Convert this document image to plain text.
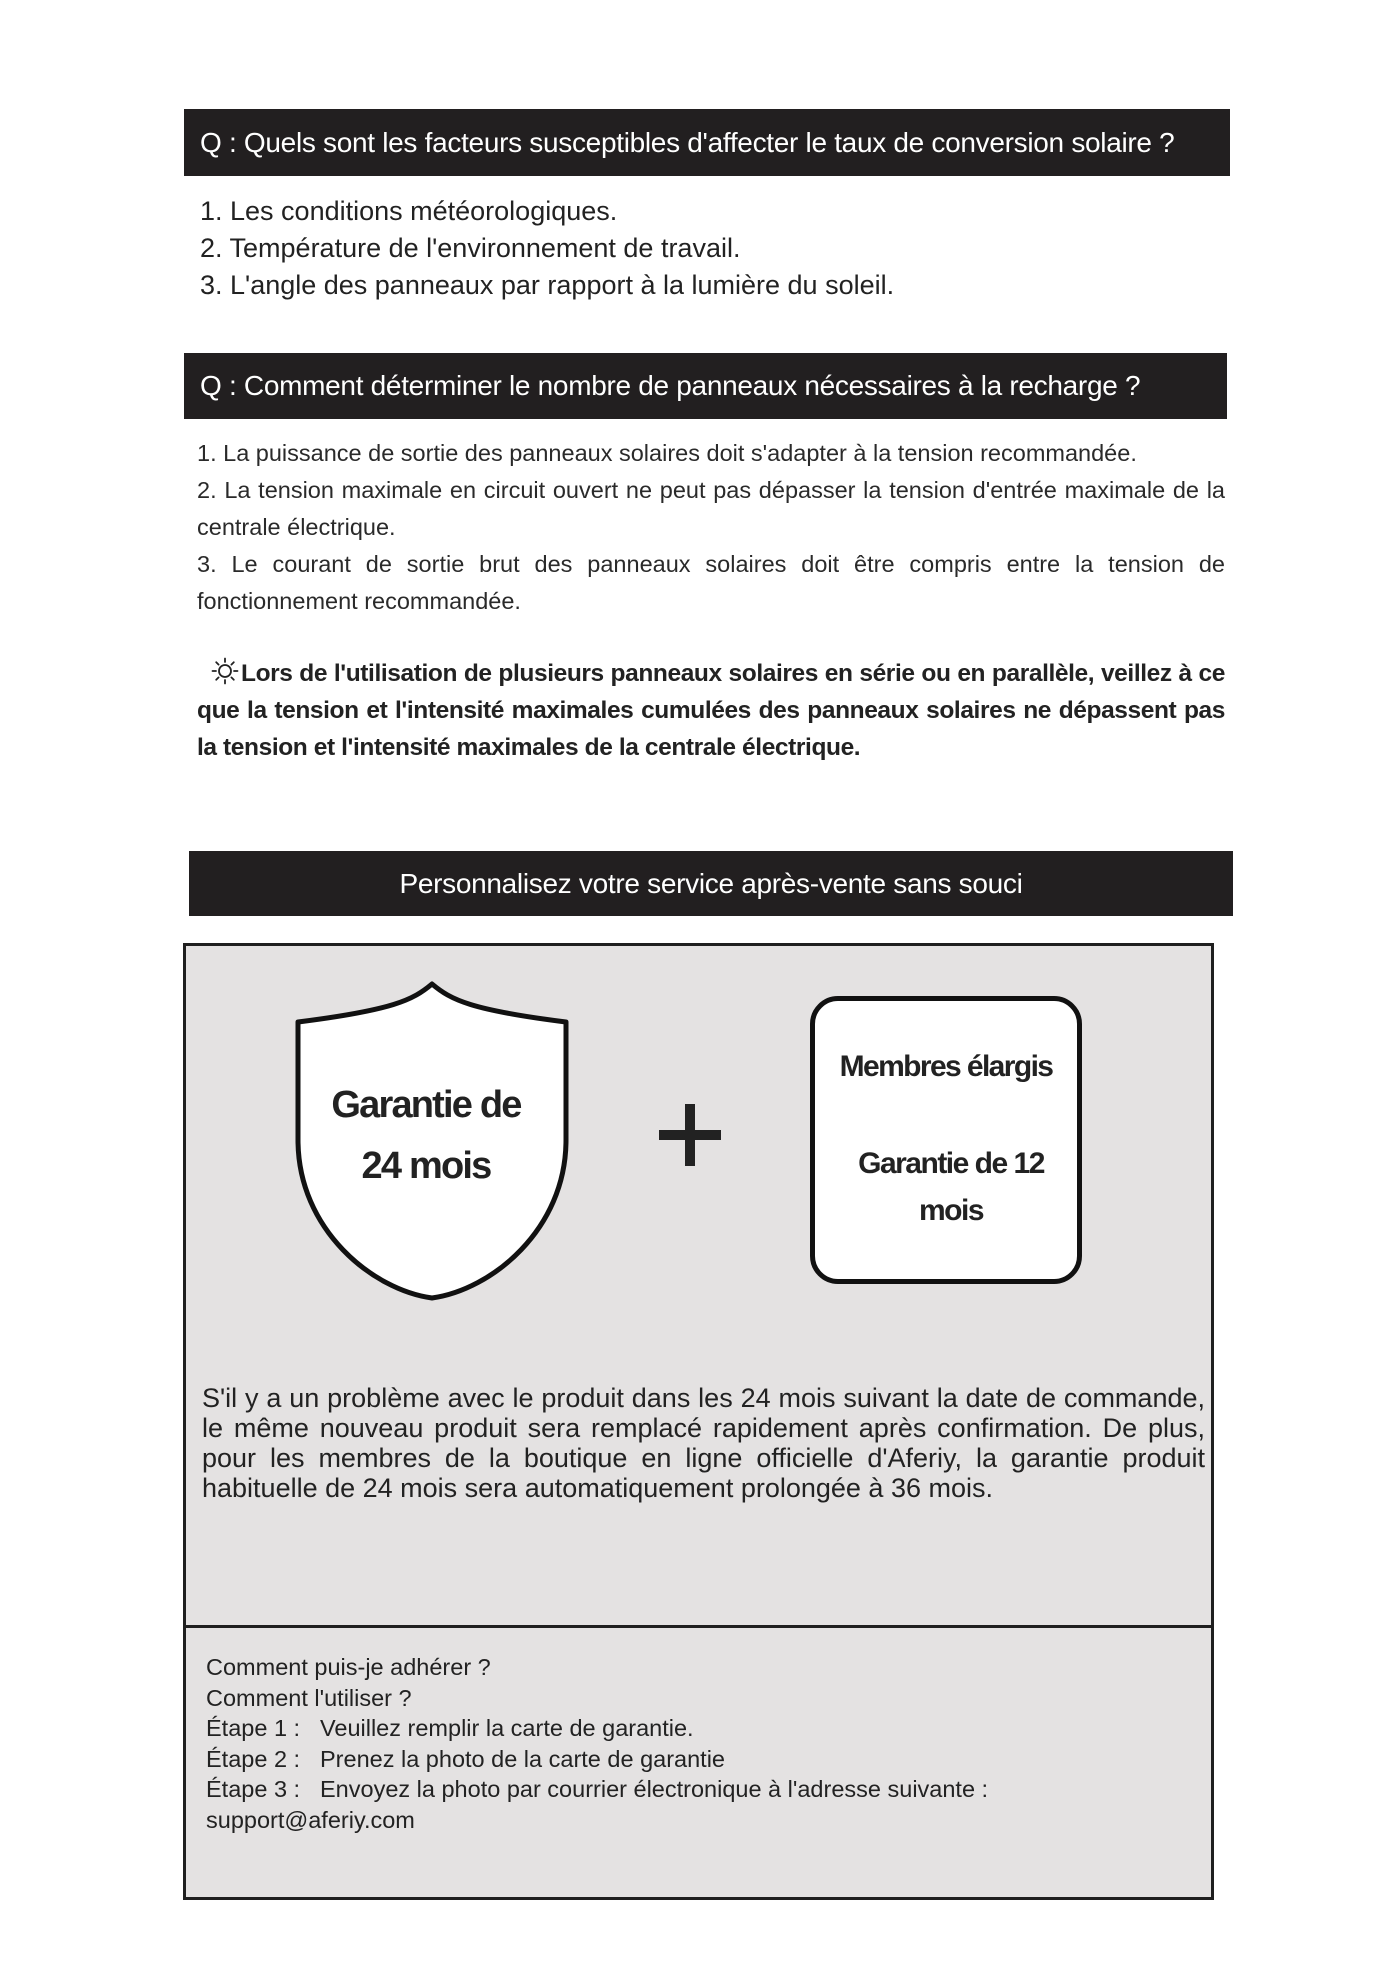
Q : Quels sont les facteurs susceptibles d'affecter le taux de conversion solaire ?
1. Les conditions météorologiques.
2. Température de l'environnement de travail.
3. L'angle des panneaux par rapport à la lumière du soleil.
Q : Comment déterminer le nombre de panneaux nécessaires à la recharge ?
1. La puissance de sortie des panneaux solaires doit s'adapter à la tension recommandée.
2. La tension maximale en circuit ouvert ne peut pas dépasser la tension d'entrée maximale de la centrale électrique.
3. Le courant de sortie brut des panneaux solaires doit être compris entre la tension de fonctionnement recommandée.
Lors de l'utilisation de plusieurs panneaux solaires en série ou en parallèle, veillez à ce que la tension et l'intensité maximales cumulées des panneaux solaires ne dépassent pas la tension et l'intensité maximales de la centrale électrique.
Personnalisez votre service après-vente sans souci
Garantie de
24 mois
Membres élargis
Garantie de 12
mois
S'il y a un problème avec le produit dans les 24 mois suivant la date de commande, le même nouveau produit sera remplacé rapidement après confirmation. De plus, pour les membres de la boutique en ligne officielle d'Aferiy, la garantie produit habituelle de 24 mois sera automatiquement prolongée à 36 mois.
Comment puis-je adhérer ?
Comment l'utiliser ?
Étape 1 : Veuillez remplir la carte de garantie.
Étape 2 : Prenez la photo de la carte de garantie
Étape 3 : Envoyez la photo par courrier électronique à l'adresse suivante :
support@aferiy.com
